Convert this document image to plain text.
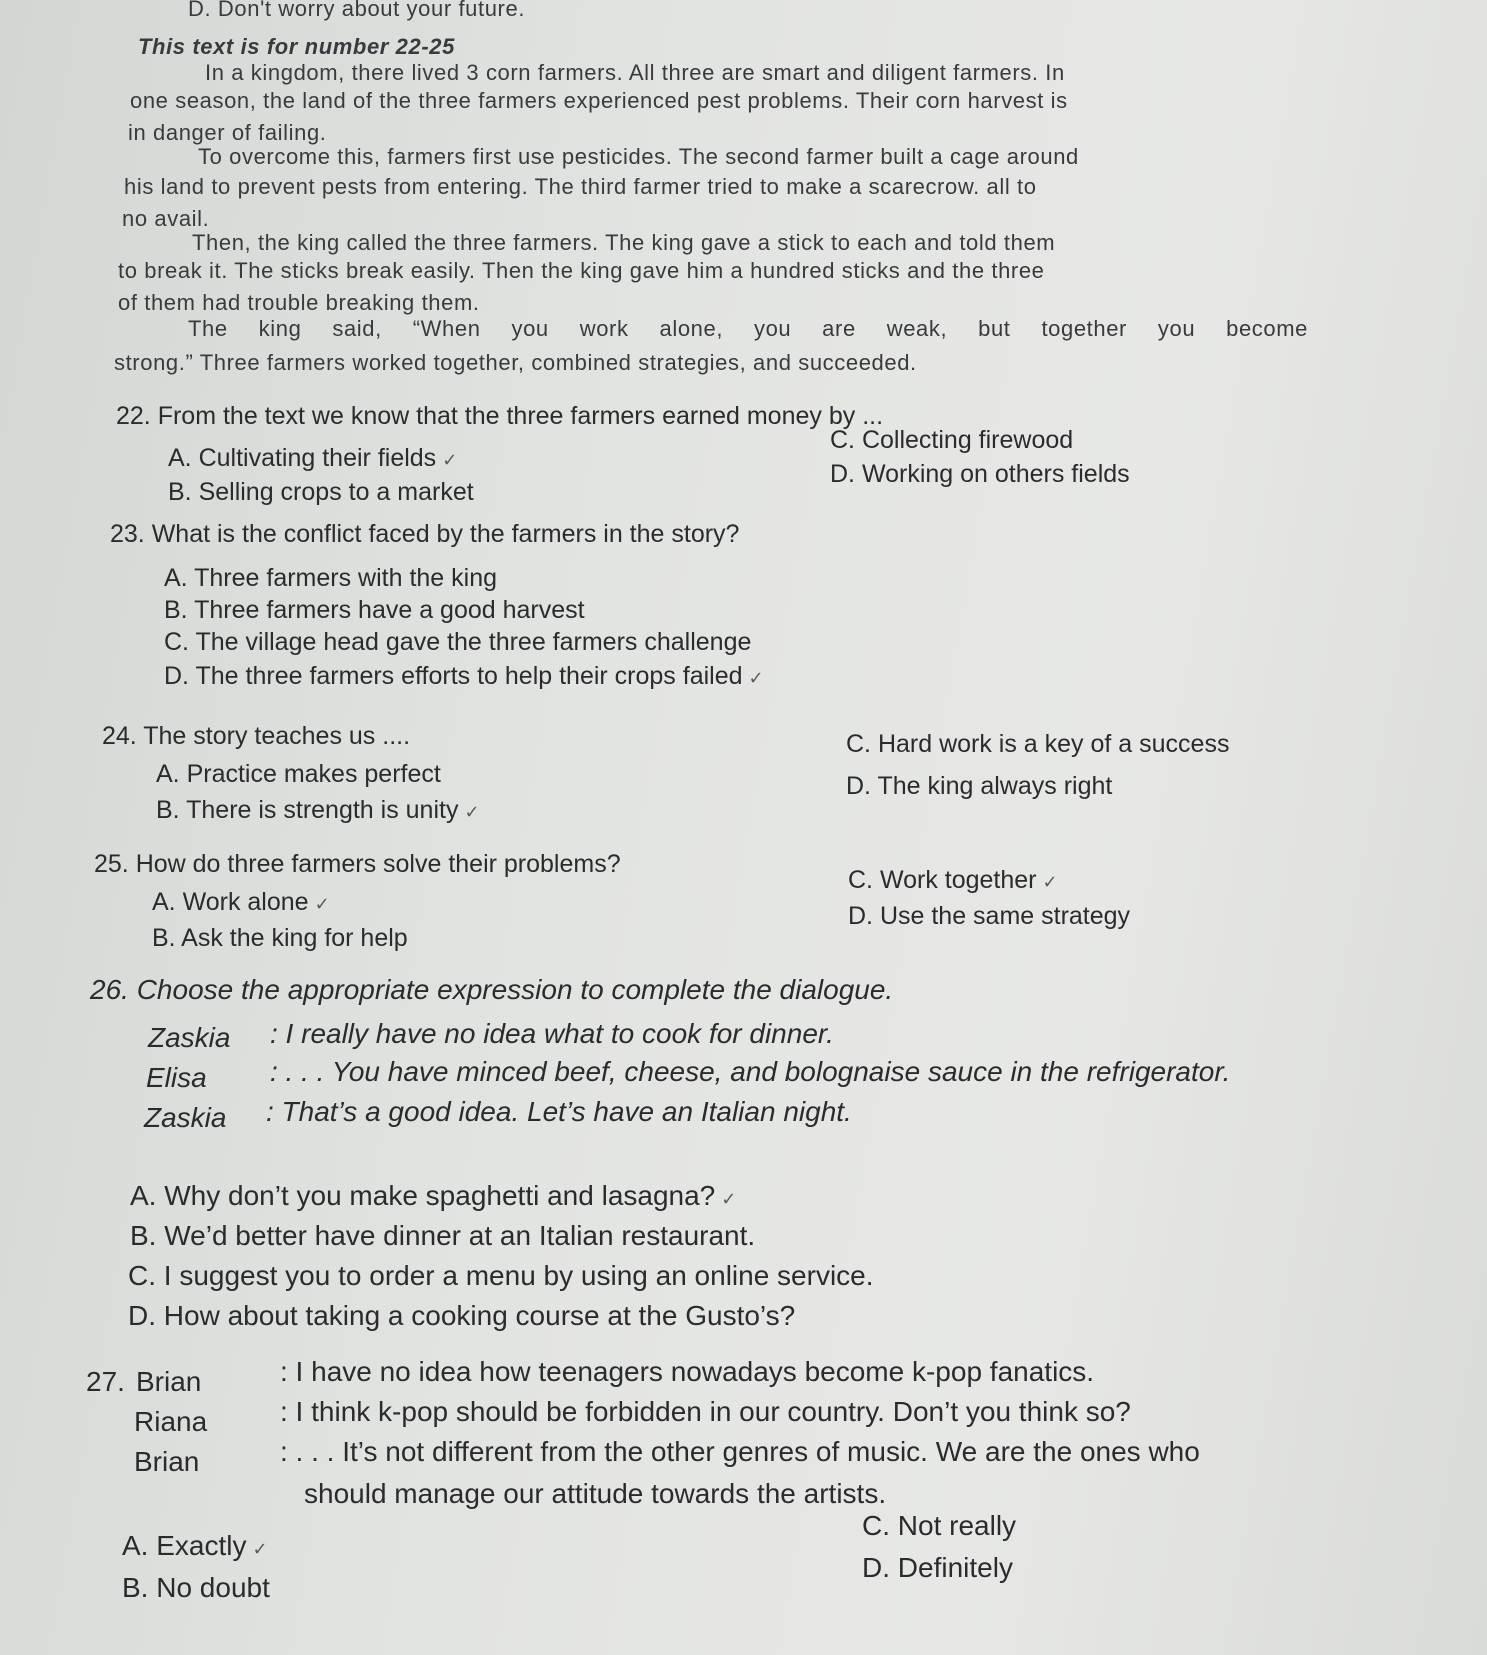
D. Don't worry about your future.
This text is for number 22-25
In a kingdom, there lived 3 corn farmers. All three are smart and diligent farmers. In
one season, the land of the three farmers experienced pest problems. Their corn harvest is
in danger of failing.
To overcome this, farmers first use pesticides. The second farmer built a cage around
his land to prevent pests from entering. The third farmer tried to make a scarecrow. all to
no avail.
Then, the king called the three farmers. The king gave a stick to each and told them
to break it. The sticks break easily. Then the king gave him a hundred sticks and the three
of them had trouble breaking them.
The king said, “When you work alone, you are weak, but together you become
strong.” Three farmers worked together, combined strategies, and succeeded.
22. From the text we know that the three farmers earned money by ...
A. Cultivating their fields ✓
B. Selling crops to a market
C. Collecting firewood
D. Working on others fields
23. What is the conflict faced by the farmers in the story?
A. Three farmers with the king
B. Three farmers have a good harvest
C. The village head gave the three farmers challenge
D. The three farmers efforts to help their crops failed ✓
24. The story teaches us ....
A. Practice makes perfect
B. There is strength is unity ✓
C. Hard work is a key of a success
D. The king always right
25. How do three farmers solve their problems?
A. Work alone ✓
B. Ask the king for help
C. Work together ✓
D. Use the same strategy
26. Choose the appropriate expression to complete the dialogue.
Zaskia : I really have no idea what to cook for dinner.
Elisa : . . . You have minced beef, cheese, and bolognaise sauce in the refrigerator.
Zaskia : That’s a good idea. Let’s have an Italian night.
A. Why don’t you make spaghetti and lasagna? ✓
B. We’d better have dinner at an Italian restaurant.
C. I suggest you to order a menu by using an online service.
D. How about taking a cooking course at the Gusto’s?
27. Brian	: I have no idea how teenagers nowadays become k-pop fanatics.
Riana	: I think k-pop should be forbidden in our country. Don’t you think so?
Brian	: . . . It’s not different from the other genres of music. We are the ones who
should manage our attitude towards the artists.
A. Exactly ✓
B. No doubt
C. Not really
D. Definitely
